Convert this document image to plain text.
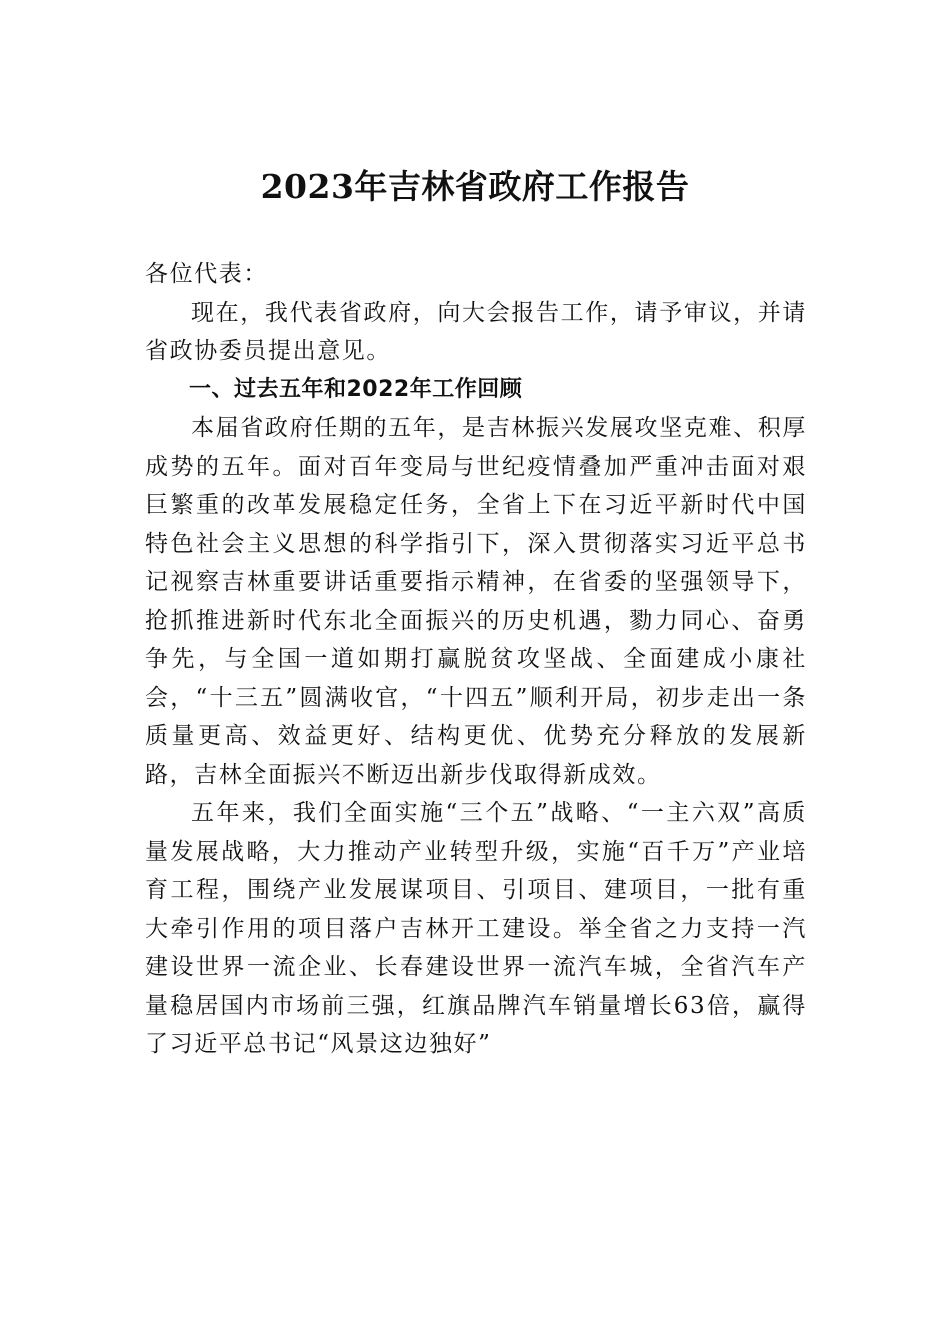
2023年吉林省政府工作报告

各位代表：

现在，我代表省政府，向大会报告工作，请予审议，并请省政协委员提出意见。

一、过去五年和2022年工作回顾

本届省政府任期的五年，是吉林振兴发展攻坚克难、积厚成势的五年。面对百年变局与世纪疫情叠加严重冲击面对艰巨繁重的改革发展稳定任务，全省上下在习近平新时代中国特色社会主义思想的科学指引下，深入贯彻落实习近平总书记视察吉林重要讲话重要指示精神，在省委的坚强领导下，抢抓推进新时代东北全面振兴的历史机遇，勠力同心、奋勇争先，与全国一道如期打赢脱贫攻坚战、全面建成小康社会，“十三五”圆满收官，“十四五”顺利开局，初步走出一条质量更高、效益更好、结构更优、优势充分释放的发展新路，吉林全面振兴不断迈出新步伐取得新成效。

五年来，我们全面实施“三个五”战略、“一主六双”高质量发展战略，大力推动产业转型升级，实施“百千万”产业培育工程，围绕产业发展谋项目、引项目、建项目，一批有重大牵引作用的项目落户吉林开工建设。举全省之力支持一汽建设世界一流企业、长春建设世界一流汽车城，全省汽车产量稳居国内市场前三强，红旗品牌汽车销量增长63倍，赢得了习近平总书记“风景这边独好”
